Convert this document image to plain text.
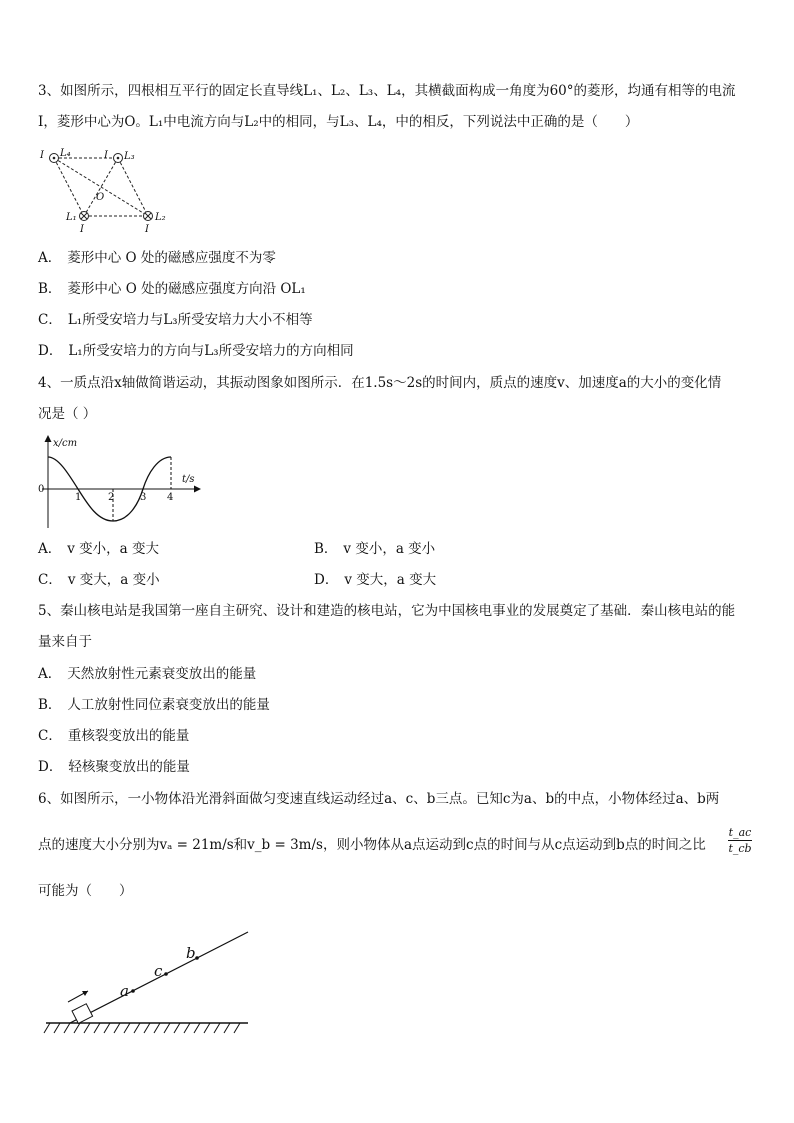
3、如图所示，四根相互平行的固定长直导线L₁、L₂、L₃、L₄，其横截面构成一角度为60°的菱形，均通有相等的电流
I，菱形中心为O。L₁中电流方向与L₂中的相同，与L₃、L₄，中的相反，下列说法中正确的是（　　）
I L₄	I L₃
O
L₁
I
L₂
I
A． 菱形中心 O 处的磁感应强度不为零
B． 菱形中心 O 处的磁感应强度方向沿 OL₁
C． L₁所受安培力与L₃所受安培力大小不相等
D． L₁所受安培力的方向与L₃所受安培力的方向相同
4、一质点沿x轴做简谐运动，其振动图象如图所示．在1.5s～2s的时间内，质点的速度v、加速度a的大小的变化情
况是（ ）
x/cm
t/s
0
1	2	3 4
A． v 变小，a 变大	B． v 变小，a 变小
C． v 变大，a 变小	D． v 变大，a 变大
5、秦山核电站是我国第一座自主研究、设计和建造的核电站，它为中国核电事业的发展奠定了基础．秦山核电站的能
量来自于
A． 天然放射性元素衰变放出的能量
B． 人工放射性同位素衰变放出的能量
C． 重核裂变放出的能量
D． 轻核聚变放出的能量
6、如图所示，一小物体沿光滑斜面做匀变速直线运动经过a、c、b三点。已知c为a、b的中点，小物体经过a、b两
点的速度大小分别为vₐ = 21m/s和v_b = 3m/s，则小物体从a点运动到c点的时间与从c点运动到b点的时间之比
t_ac
t_cb
可能为（　　）
a
c
b
